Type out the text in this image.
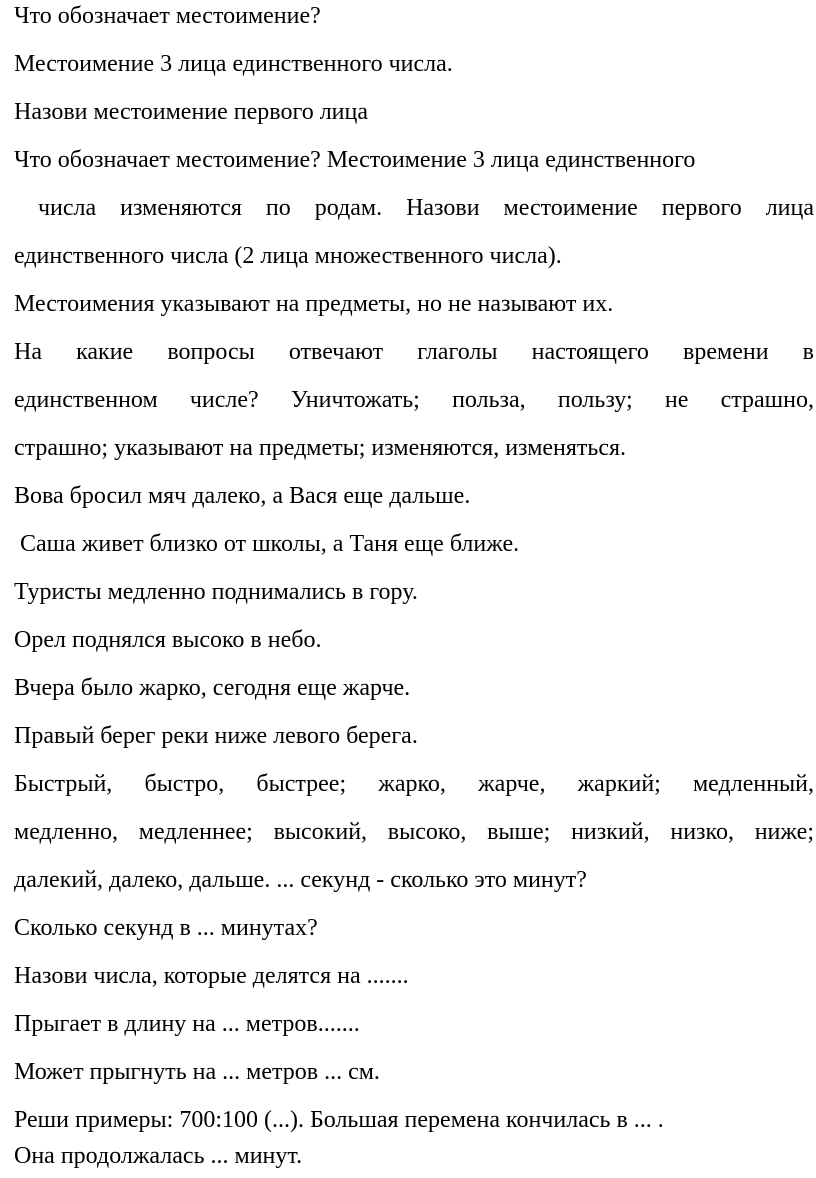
Что обозначает местоимение?

Местоимение 3 лица единственного числа.

Назови местоимение первого лица

Что обозначает местоимение? Местоимение 3 лица единственного

числа изменяются по родам. Назови местоимение первого лица

единственного числа (2 лица множественного числа).

Местоимения указывают на предметы, но не называют их.

На какие вопросы отвечают глаголы настоящего времени в

единственном числе? Уничтожать; польза, пользу; не страшно,

страшно; указывают на предметы; изменяются, изменяться.

Вова бросил мяч далеко, а Вася еще дальше.

Саша живет близко от школы, а Таня еще ближе.

Туристы медленно поднимались в гору.

Орел поднялся высоко в небо.

Вчера было жарко, сегодня еще жарче.

Правый берег реки ниже левого берега.

Быстрый, быстро, быстрее; жарко, жарче, жаркий; медленный,

медленно, медленнее; высокий, высоко, выше; низкий, низко, ниже;

далекий, далеко, дальше. ... секунд - сколько это минут?

Сколько секунд в ... минутах?

Назови числа, которые делятся на .......

Прыгает в длину на ... метров.......

Может прыгнуть на ... метров ... см.

Реши примеры: 700:100 (...). Большая перемена кончилась в ... .

Она продолжалась ... минут.
